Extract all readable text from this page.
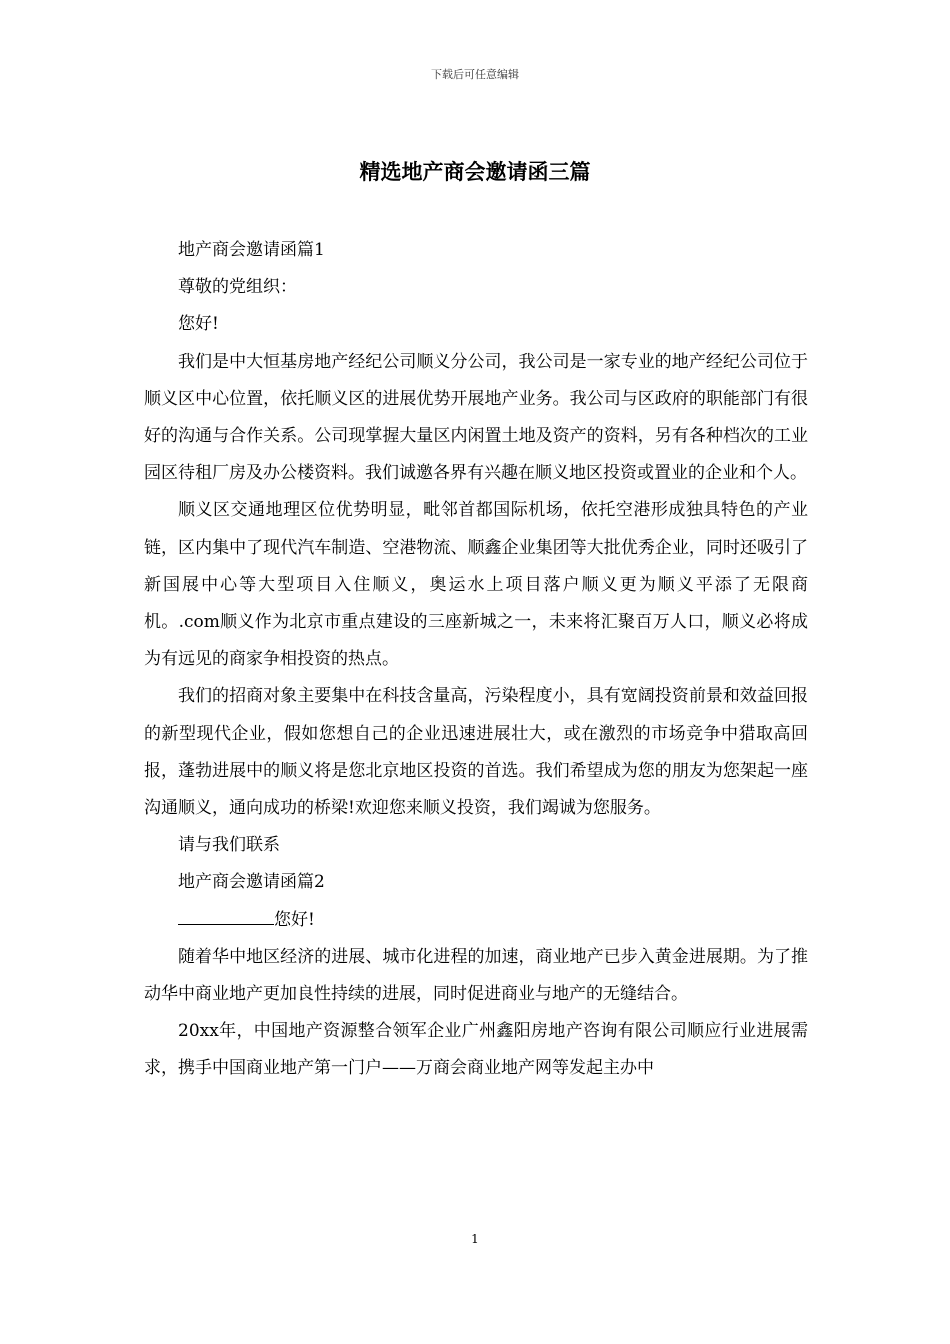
下载后可任意编辑
精选地产商会邀请函三篇

地产商会邀请函篇1

尊敬的党组织：

您好!

我们是中大恒基房地产经纪公司顺义分公司，我公司是一家专业的地产经纪公司位于顺义区中心位置，依托顺义区的进展优势开展地产业务。我公司与区政府的职能部门有很好的沟通与合作关系。公司现掌握大量区内闲置土地及资产的资料，另有各种档次的工业园区待租厂房及办公楼资料。我们诚邀各界有兴趣在顺义地区投资或置业的企业和个人。

顺义区交通地理区位优势明显，毗邻首都国际机场，依托空港形成独具特色的产业链，区内集中了现代汽车制造、空港物流、顺鑫企业集团等大批优秀企业，同时还吸引了新国展中心等大型项目入住顺义，奥运水上项目落户顺义更为顺义平添了无限商机。.com顺义作为北京市重点建设的三座新城之一，未来将汇聚百万人口，顺义必将成为有远见的商家争相投资的热点。

我们的招商对象主要集中在科技含量高，污染程度小，具有宽阔投资前景和效益回报的新型现代企业，假如您想自己的企业迅速进展壮大，或在激烈的市场竞争中猎取高回报，蓬勃进展中的顺义将是您北京地区投资的首选。我们希望成为您的朋友为您架起一座沟通顺义，通向成功的桥梁!欢迎您来顺义投资，我们竭诚为您服务。

请与我们联系

地产商会邀请函篇2

您好!

随着华中地区经济的进展、城市化进程的加速，商业地产已步入黄金进展期。为了推动华中商业地产更加良性持续的进展，同时促进商业与地产的无缝结合。

20xx年，中国地产资源整合领军企业广州鑫阳房地产咨询有限公司顺应行业进展需求，携手中国商业地产第一门户——万商会商业地产网等发起主办中

1
